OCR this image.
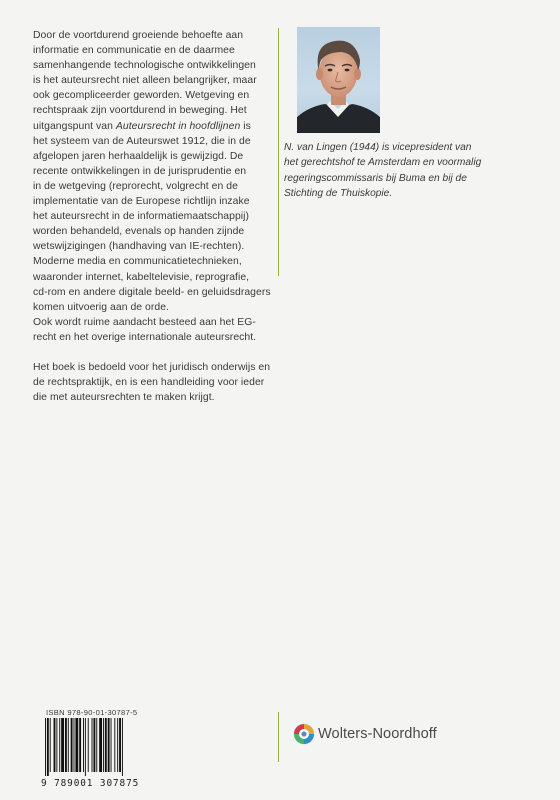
Door de voortdurend groeiende behoefte aan
informatie en communicatie en de daarmee
samenhangende technologische ontwikkelingen
is het auteursrecht niet alleen belangrijker, maar
ook gecompliceerder geworden. Wetgeving en
rechtspraak zijn voortdurend in beweging. Het
uitgangspunt van Auteursrecht in hoofdlijnen is
het systeem van de Auteurswet 1912, die in de
afgelopen jaren herhaaldelijk is gewijzigd. De
recente ontwikkelingen in de jurisprudentie en
in de wetgeving (reprorecht, volgrecht en de
implementatie van de Europese richtlijn inzake
het auteursrecht in de informatiemaatschappij)
worden behandeld, evenals op handen zijnde
wetswijzigingen (handhaving van IE-rechten).
Moderne media en communicatietechnieken,
waaronder internet, kabeltelevisie, reprografie,
cd-rom en andere digitale beeld- en geluidsdragers
komen uitvoerig aan de orde.
Ook wordt ruime aandacht besteed aan het EG-
recht en het overige internationale auteursrecht.

Het boek is bedoeld voor het juridisch onderwijs en
de rechtspraktijk, en is een handleiding voor ieder
die met auteursrechten te maken krijgt.

N. van Lingen (1944) is vicepresident van
het gerechtshof te Amsterdam en voormalig
regeringscommissaris bij Buma en bij de
Stichting de Thuiskopie.
ISBN 978-90-01-30787-5
9 789001 307875
Wolters-Noordhoff
